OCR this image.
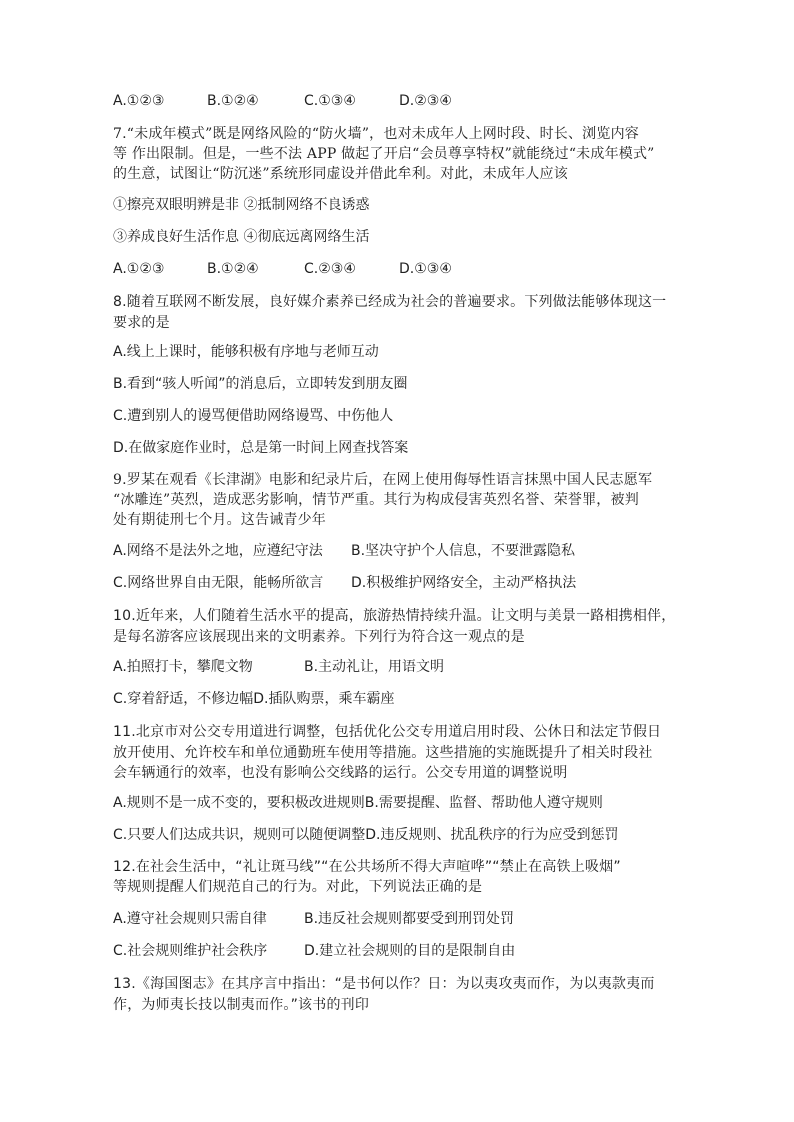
A.①②③	B.①②④	C.①③④	D.②③④
7.“未成年模式”既是网络风险的“防火墙”，也对未成年人上网时段、时长、浏览内容
等 作出限制。但是，一些不法 APP 做起了开启“会员尊享特权”就能绕过“未成年模式”
的生意，试图让“防沉迷”系统形同虚设并借此牟利。对此，未成年人应该
①擦亮双眼明辨是非 ②抵制网络不良诱惑
③养成良好生活作息 ④彻底远离网络生活
A.①②③	B.①②④	C.②③④	D.①③④
8.随着互联网不断发展，良好媒介素养已经成为社会的普遍要求。下列做法能够体现这一
要求的是
A.线上上课时，能够积极有序地与老师互动
B.看到“骇人听闻”的消息后，立即转发到朋友圈
C.遭到别人的谩骂便借助网络谩骂、中伤他人
D.在做家庭作业时，总是第一时间上网查找答案
9.罗某在观看《长津湖》电影和纪录片后，在网上使用侮辱性语言抹黑中国人民志愿军
“冰雕连”英烈，造成恶劣影响，情节严重。其行为构成侵害英烈名誉、荣誉罪，被判
处有期徒刑七个月。这告诫青少年
A.网络不是法外之地，应遵纪守法 B.坚决守护个人信息，不要泄露隐私
C.网络世界自由无限，能畅所欲言 D.积极维护网络安全，主动严格执法
10.近年来，人们随着生活水平的提高，旅游热情持续升温。让文明与美景一路相携相伴，
是每名游客应该展现出来的文明素养。下列行为符合这一观点的是
A.拍照打卡，攀爬文物	B.主动礼让，用语文明
C.穿着舒适，不修边幅D.插队购票，乘车霸座
11.北京市对公交专用道进行调整，包括优化公交专用道启用时段、公休日和法定节假日
放开使用、允许校车和单位通勤班车使用等措施。这些措施的实施既提升了相关时段社
会车辆通行的效率，也没有影响公交线路的运行。公交专用道的调整说明
A.规则不是一成不变的，要积极改进规则B.需要提醒、监督、帮助他人遵守规则
C.只要人们达成共识，规则可以随便调整D.违反规则、扰乱秩序的行为应受到惩罚
12.在社会生活中，“礼让斑马线”“在公共场所不得大声喧哗”“禁止在高铁上吸烟”
等规则提醒人们规范自己的行为。对此，下列说法正确的是
A.遵守社会规则只需自律	B.违反社会规则都要受到刑罚处罚
C.社会规则维护社会秩序	D.建立社会规则的目的是限制自由
13.《海国图志》在其序言中指出：“是书何以作？日：为以夷攻夷而作，为以夷款夷而
作，为师夷长技以制夷而作。”该书的刊印
